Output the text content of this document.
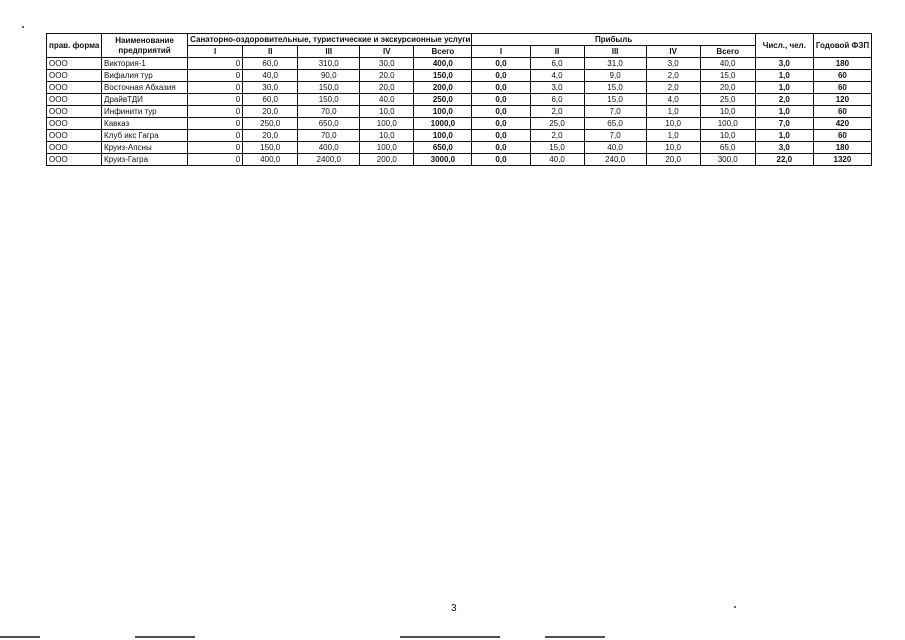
прав. форма	Наименование предприятий	Санаторно-оздоровительные, туристические и экскурсионные услуги					Прибыль					Числ., чел.	Годовой ФЗП
		I	II	III	IV	Всего	I	II	III	IV	Всего		
ООО	Виктория-1	0	60,0	310,0	30,0	400,0	0,0	6,0	31,0	3,0	40,0	3,0	180
ООО	Вифалия тур	0	40,0	90,0	20,0	150,0	0,0	4,0	9,0	2,0	15,0	1,0	60
ООО	Восточная Абхазия	0	30,0	150,0	20,0	200,0	0,0	3,0	15,0	2,0	20,0	1,0	60
ООО	ДрайвТДИ	0	60,0	150,0	40,0	250,0	0,0	6,0	15,0	4,0	25,0	2,0	120
ООО	Инфинити тур	0	20,0	70,0	10,0	100,0	0,0	2,0	7,0	1,0	10,0	1,0	60
ООО	Кавказ	0	250,0	650,0	100,0	1000,0	0,0	25,0	65,0	10,0	100,0	7,0	420
ООО	Клуб икс Гагра	0	20,0	70,0	10,0	100,0	0,0	2,0	7,0	1,0	10,0	1,0	60
ООО	Круиз-Апсны	0	150,0	400,0	100,0	650,0	0,0	15,0	40,0	10,0	65,0	3,0	180
ООО	Круиз-Гагра	0	400,0	2400,0	200,0	3000,0	0,0	40,0	240,0	20,0	300,0	22,0	1320
3
